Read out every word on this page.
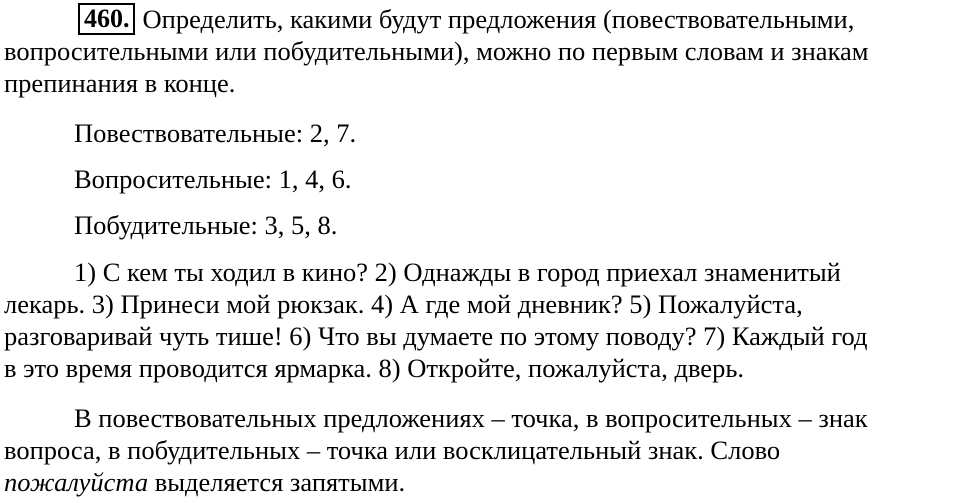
460. Определить, какими будут предложения (повествовательными,
вопросительными или побудительными), можно по первым словам и знакам
препинания в конце.

Повествовательные: 2, 7.

Вопросительные: 1, 4, 6.

Побудительные: 3, 5, 8.

1) С кем ты ходил в кино? 2) Однажды в город приехал знаменитый
лекарь. 3) Принеси мой рюкзак. 4) А где мой дневник? 5) Пожалуйста,
разговаривай чуть тише! 6) Что вы думаете по этому поводу? 7) Каждый год
в это время проводится ярмарка. 8) Откройте, пожалуйста, дверь.

В повествовательных предложениях – точка, в вопросительных – знак
вопроса, в побудительных – точка или восклицательный знак. Слово
пожалуйста выделяется запятыми.
